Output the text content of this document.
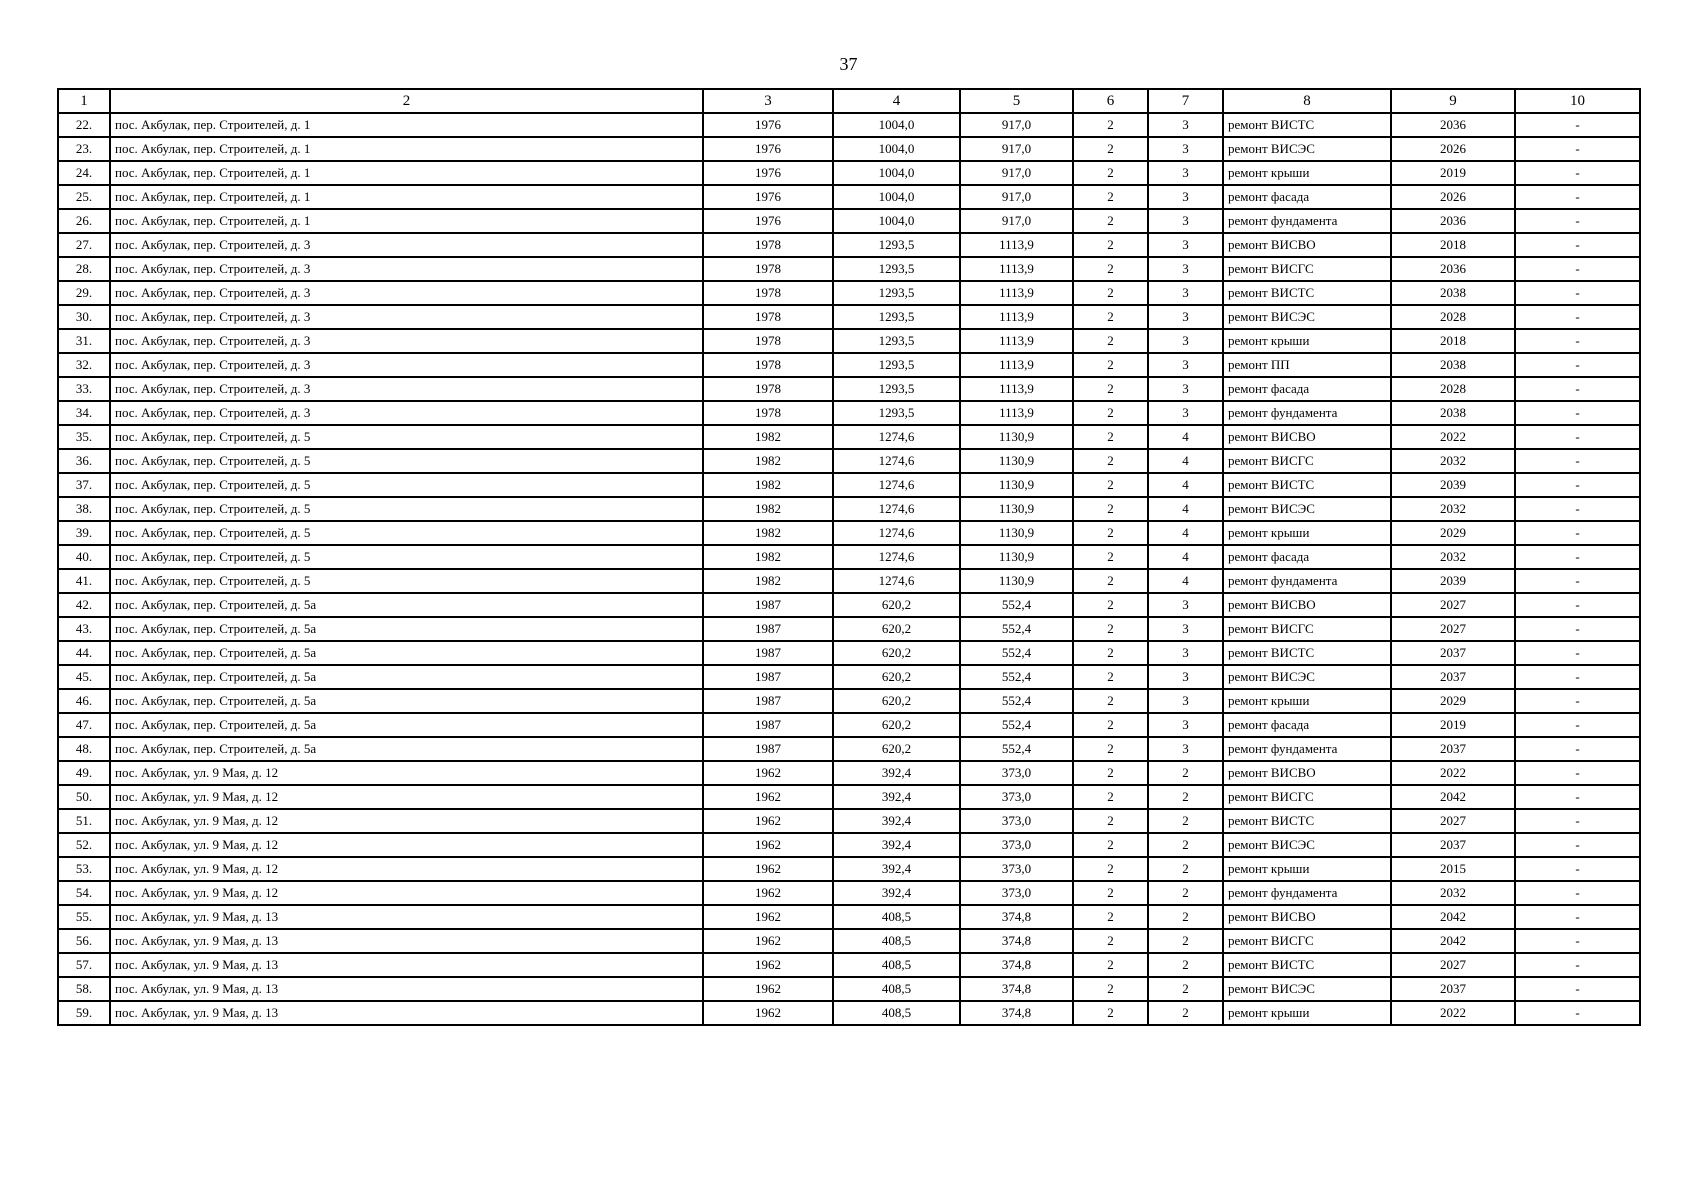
37
1	2	3	4	5	6	7	8	9	10
22.	пос. Акбулак, пер. Строителей, д. 1	1976	1004,0	917,0	2	3	ремонт ВИСТС	2036	-
23.	пос. Акбулак, пер. Строителей, д. 1	1976	1004,0	917,0	2	3	ремонт ВИСЭС	2026	-
24.	пос. Акбулак, пер. Строителей, д. 1	1976	1004,0	917,0	2	3	ремонт крыши	2019	-
25.	пос. Акбулак, пер. Строителей, д. 1	1976	1004,0	917,0	2	3	ремонт фасада	2026	-
26.	пос. Акбулак, пер. Строителей, д. 1	1976	1004,0	917,0	2	3	ремонт фундамента	2036	-
27.	пос. Акбулак, пер. Строителей, д. 3	1978	1293,5	1113,9	2	3	ремонт ВИСВО	2018	-
28.	пос. Акбулак, пер. Строителей, д. 3	1978	1293,5	1113,9	2	3	ремонт ВИСГС	2036	-
29.	пос. Акбулак, пер. Строителей, д. 3	1978	1293,5	1113,9	2	3	ремонт ВИСТС	2038	-
30.	пос. Акбулак, пер. Строителей, д. 3	1978	1293,5	1113,9	2	3	ремонт ВИСЭС	2028	-
31.	пос. Акбулак, пер. Строителей, д. 3	1978	1293,5	1113,9	2	3	ремонт крыши	2018	-
32.	пос. Акбулак, пер. Строителей, д. 3	1978	1293,5	1113,9	2	3	ремонт ПП	2038	-
33.	пос. Акбулак, пер. Строителей, д. 3	1978	1293,5	1113,9	2	3	ремонт фасада	2028	-
34.	пос. Акбулак, пер. Строителей, д. 3	1978	1293,5	1113,9	2	3	ремонт фундамента	2038	-
35.	пос. Акбулак, пер. Строителей, д. 5	1982	1274,6	1130,9	2	4	ремонт ВИСВО	2022	-
36.	пос. Акбулак, пер. Строителей, д. 5	1982	1274,6	1130,9	2	4	ремонт ВИСГС	2032	-
37.	пос. Акбулак, пер. Строителей, д. 5	1982	1274,6	1130,9	2	4	ремонт ВИСТС	2039	-
38.	пос. Акбулак, пер. Строителей, д. 5	1982	1274,6	1130,9	2	4	ремонт ВИСЭС	2032	-
39.	пос. Акбулак, пер. Строителей, д. 5	1982	1274,6	1130,9	2	4	ремонт крыши	2029	-
40.	пос. Акбулак, пер. Строителей, д. 5	1982	1274,6	1130,9	2	4	ремонт фасада	2032	-
41.	пос. Акбулак, пер. Строителей, д. 5	1982	1274,6	1130,9	2	4	ремонт фундамента	2039	-
42.	пос. Акбулак, пер. Строителей, д. 5а	1987	620,2	552,4	2	3	ремонт ВИСВО	2027	-
43.	пос. Акбулак, пер. Строителей, д. 5а	1987	620,2	552,4	2	3	ремонт ВИСГС	2027	-
44.	пос. Акбулак, пер. Строителей, д. 5а	1987	620,2	552,4	2	3	ремонт ВИСТС	2037	-
45.	пос. Акбулак, пер. Строителей, д. 5а	1987	620,2	552,4	2	3	ремонт ВИСЭС	2037	-
46.	пос. Акбулак, пер. Строителей, д. 5а	1987	620,2	552,4	2	3	ремонт крыши	2029	-
47.	пос. Акбулак, пер. Строителей, д. 5а	1987	620,2	552,4	2	3	ремонт фасада	2019	-
48.	пос. Акбулак, пер. Строителей, д. 5а	1987	620,2	552,4	2	3	ремонт фундамента	2037	-
49.	пос. Акбулак, ул. 9 Мая, д. 12	1962	392,4	373,0	2	2	ремонт ВИСВО	2022	-
50.	пос. Акбулак, ул. 9 Мая, д. 12	1962	392,4	373,0	2	2	ремонт ВИСГС	2042	-
51.	пос. Акбулак, ул. 9 Мая, д. 12	1962	392,4	373,0	2	2	ремонт ВИСТС	2027	-
52.	пос. Акбулак, ул. 9 Мая, д. 12	1962	392,4	373,0	2	2	ремонт ВИСЭС	2037	-
53.	пос. Акбулак, ул. 9 Мая, д. 12	1962	392,4	373,0	2	2	ремонт крыши	2015	-
54.	пос. Акбулак, ул. 9 Мая, д. 12	1962	392,4	373,0	2	2	ремонт фундамента	2032	-
55.	пос. Акбулак, ул. 9 Мая, д. 13	1962	408,5	374,8	2	2	ремонт ВИСВО	2042	-
56.	пос. Акбулак, ул. 9 Мая, д. 13	1962	408,5	374,8	2	2	ремонт ВИСГС	2042	-
57.	пос. Акбулак, ул. 9 Мая, д. 13	1962	408,5	374,8	2	2	ремонт ВИСТС	2027	-
58.	пос. Акбулак, ул. 9 Мая, д. 13	1962	408,5	374,8	2	2	ремонт ВИСЭС	2037	-
59.	пос. Акбулак, ул. 9 Мая, д. 13	1962	408,5	374,8	2	2	ремонт крыши	2022	-
